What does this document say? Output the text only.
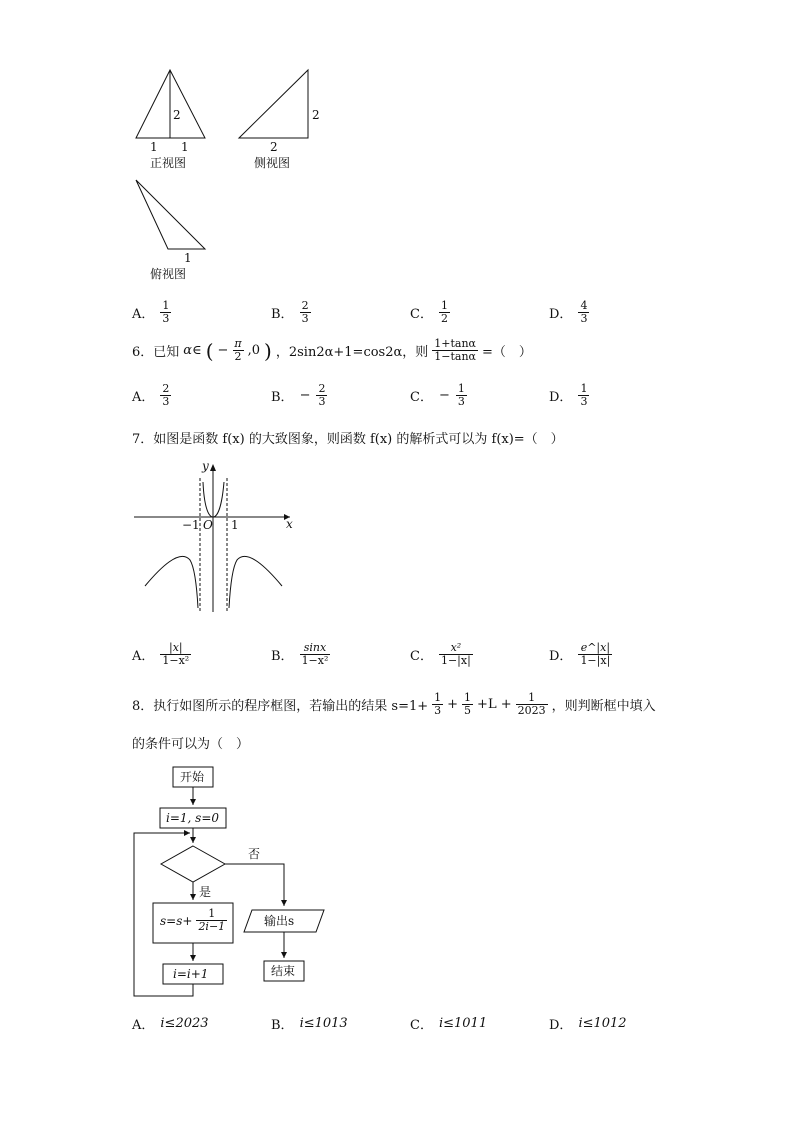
2
1 1
正视图
2
2
侧视图
1
俯视图
A． $\frac{1}{3}$	B． $\frac{2}{3}$	C． $\frac{1}{2}$	D． $\frac{4}{3}$
6．已知 α∈ ( − $\frac{\pi}{2} ,0$ ) ，2sin2α+1=cos2α，则 $\frac{1+\tan\alpha}{1-\tan\alpha}$ =（　）
A． $\frac{2}{3}$	B． − $\frac{2}{3}$	C． − $\frac{1}{3}$	D． $\frac{1}{3}$
7．如图是函数 f(x) 的大致图象，则函数 f(x) 的解析式可以为 f(x)=（　）
y
x
−1 O 1
A． $\frac{|x|}{\text{1−x²}}$	B． $\frac{\sin x}{\text{1−x²}}$	C． $\frac{\text{x²}}{1-|x|}$	D． $\frac{e\^{}|x|}{1-|x|}$
8．执行如图所示的程序框图，若输出的结果 $s=1+ \frac{1}{3} + \frac{1}{5} +L + \frac{1}{2023}$ ，则判断框中填入
的条件可以为（　）
开始
i=1, s=0
否
是
$s=s+ \frac{1}{2i-1}$
i=i+1
输出s
结束
A． i≤2023	B． i≤1013	C． i≤1011	D． i≤1012
